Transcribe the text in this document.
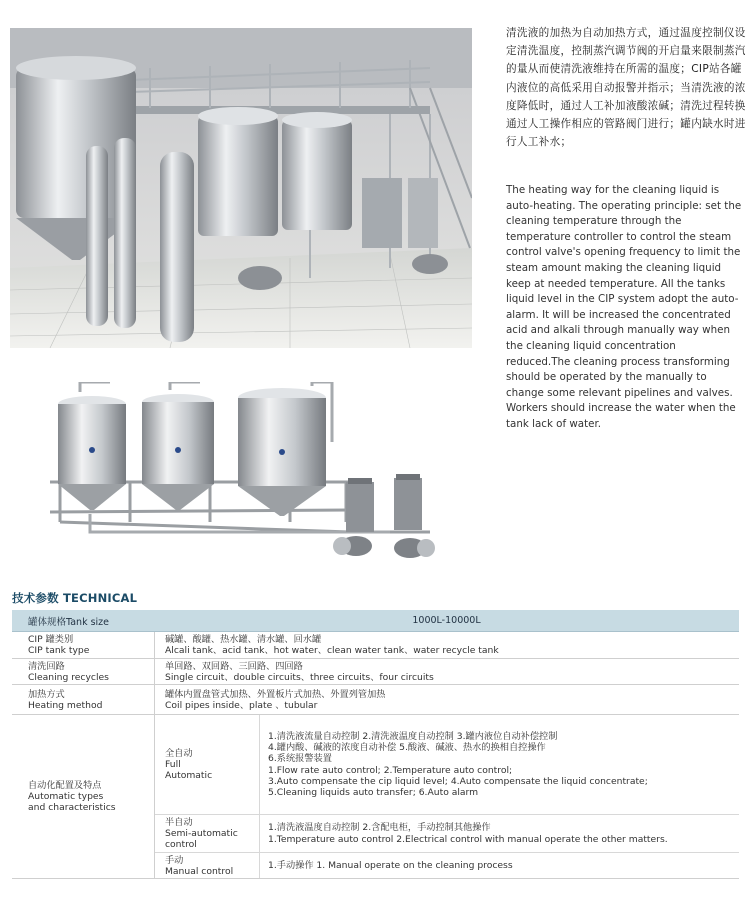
清洗液的加热为自动加热方式，通过温度控制仪设定清洗温度，控制蒸汽调节阀的开启量来限制蒸汽的量从而使清洗液维持在所需的温度；CIP站各罐内液位的高低采用自动报警并指示；当清洗液的浓度降低时，通过人工补加液酸浓碱；清洗过程转换通过人工操作相应的管路阀门进行；罐内缺水时进行人工补水；
The heating way for the cleaning liquid is auto-heating. The operating principle: set the cleaning temperature through the temperature controller to control the steam control valve's opening frequency to limit the steam amount making the cleaning liquid keep at needed temperature. All the tanks liquid level in the CIP system adopt the auto-alarm. It will be increased the concentrated acid and alkali through manually way when the cleaning liquid concentration reduced.The cleaning process transforming should be operated by the manually to change some relevant pipelines and valves. Workers should increase the water when the tank lack of water.
技术参数 TECHNICAL
罐体规格Tank size	1000L-10000L
CIP 罐类别
CIP tank type
碱罐、酸罐、热水罐、清水罐、回水罐
Alcali tank、acid tank、hot water、clean water tank、water recycle tank
清洗回路
Cleaning recycles
单回路、双回路、三回路、四回路
Single circuit、double circuits、three circuits、four circuits
加热方式
Heating method
罐体内置盘管式加热、外置板片式加热、外置列管加热
Coil pipes inside、plate 、tubular
自动化配置及特点
Automatic types
and characteristics
全自动
Full
Automatic
1.清洗液流量自动控制 2.清洗液温度自动控制 3.罐内液位自动补偿控制
4.罐内酸、碱液的浓度自动补偿 5.酸液、碱液、热水的换相自控操作
6.系统报警装置
1.Flow rate auto control; 2.Temperature auto control;
3.Auto compensate the cip liquid level; 4.Auto compensate the liquid concentrate;
5.Cleaning liquids auto transfer; 6.Auto alarm
半自动
Semi-automatic
control
1.清洗液温度自动控制 2.含配电柜，手动控制其他操作
1.Temperature auto control 2.Electrical control with manual operate the other matters.
手动
Manual control
1.手动操作 1. Manual operate on the cleaning process
